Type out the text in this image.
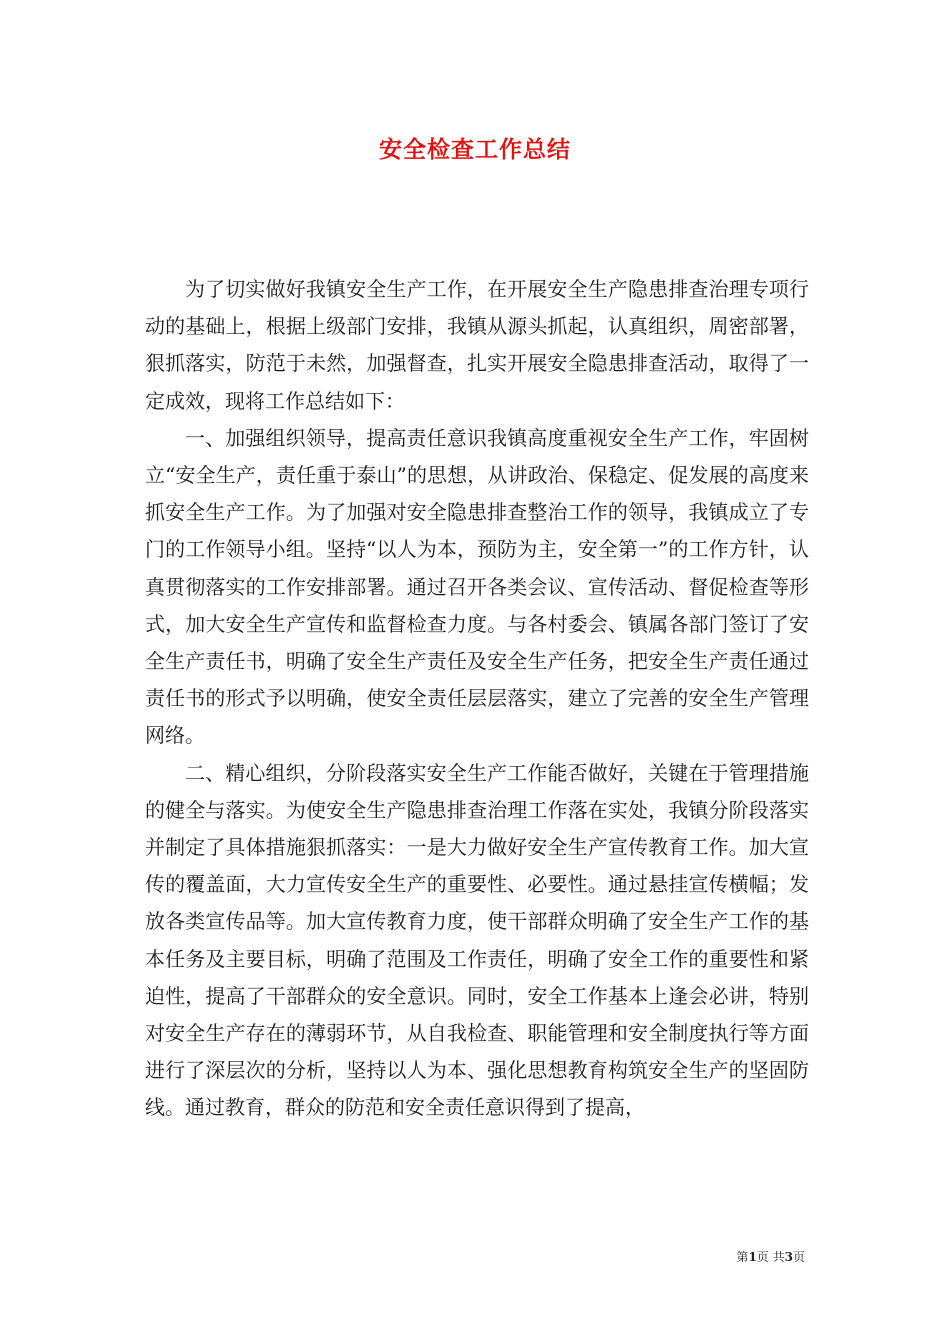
安全检查工作总结

为了切实做好我镇安全生产工作，在开展安全生产隐患排查治理专项行动的基础上，根据上级部门安排，我镇从源头抓起，认真组织，周密部署，狠抓落实，防范于未然，加强督查，扎实开展安全隐患排查活动，取得了一定成效，现将工作总结如下：

一、加强组织领导，提高责任意识我镇高度重视安全生产工作，牢固树立“安全生产，责任重于泰山”的思想，从讲政治、保稳定、促发展的高度来抓安全生产工作。为了加强对安全隐患排查整治工作的领导，我镇成立了专门的工作领导小组。坚持“以人为本，预防为主，安全第一”的工作方针，认真贯彻落实的工作安排部署。通过召开各类会议、宣传活动、督促检查等形式，加大安全生产宣传和监督检查力度。与各村委会、镇属各部门签订了安全生产责任书，明确了安全生产责任及安全生产任务，把安全生产责任通过责任书的形式予以明确，使安全责任层层落实，建立了完善的安全生产管理网络。

二、精心组织，分阶段落实安全生产工作能否做好，关键在于管理措施的健全与落实。为使安全生产隐患排查治理工作落在实处，我镇分阶段落实并制定了具体措施狠抓落实：一是大力做好安全生产宣传教育工作。加大宣传的覆盖面，大力宣传安全生产的重要性、必要性。通过悬挂宣传横幅；发放各类宣传品等。加大宣传教育力度，使干部群众明确了安全生产工作的基本任务及主要目标，明确了范围及工作责任，明确了安全工作的重要性和紧迫性，提高了干部群众的安全意识。同时，安全工作基本上逢会必讲，特别对安全生产存在的薄弱环节，从自我检查、职能管理和安全制度执行等方面进行了深层次的分析，坚持以人为本、强化思想教育构筑安全生产的坚固防线。通过教育，群众的防范和安全责任意识得到了提高，

第1页 共3页
